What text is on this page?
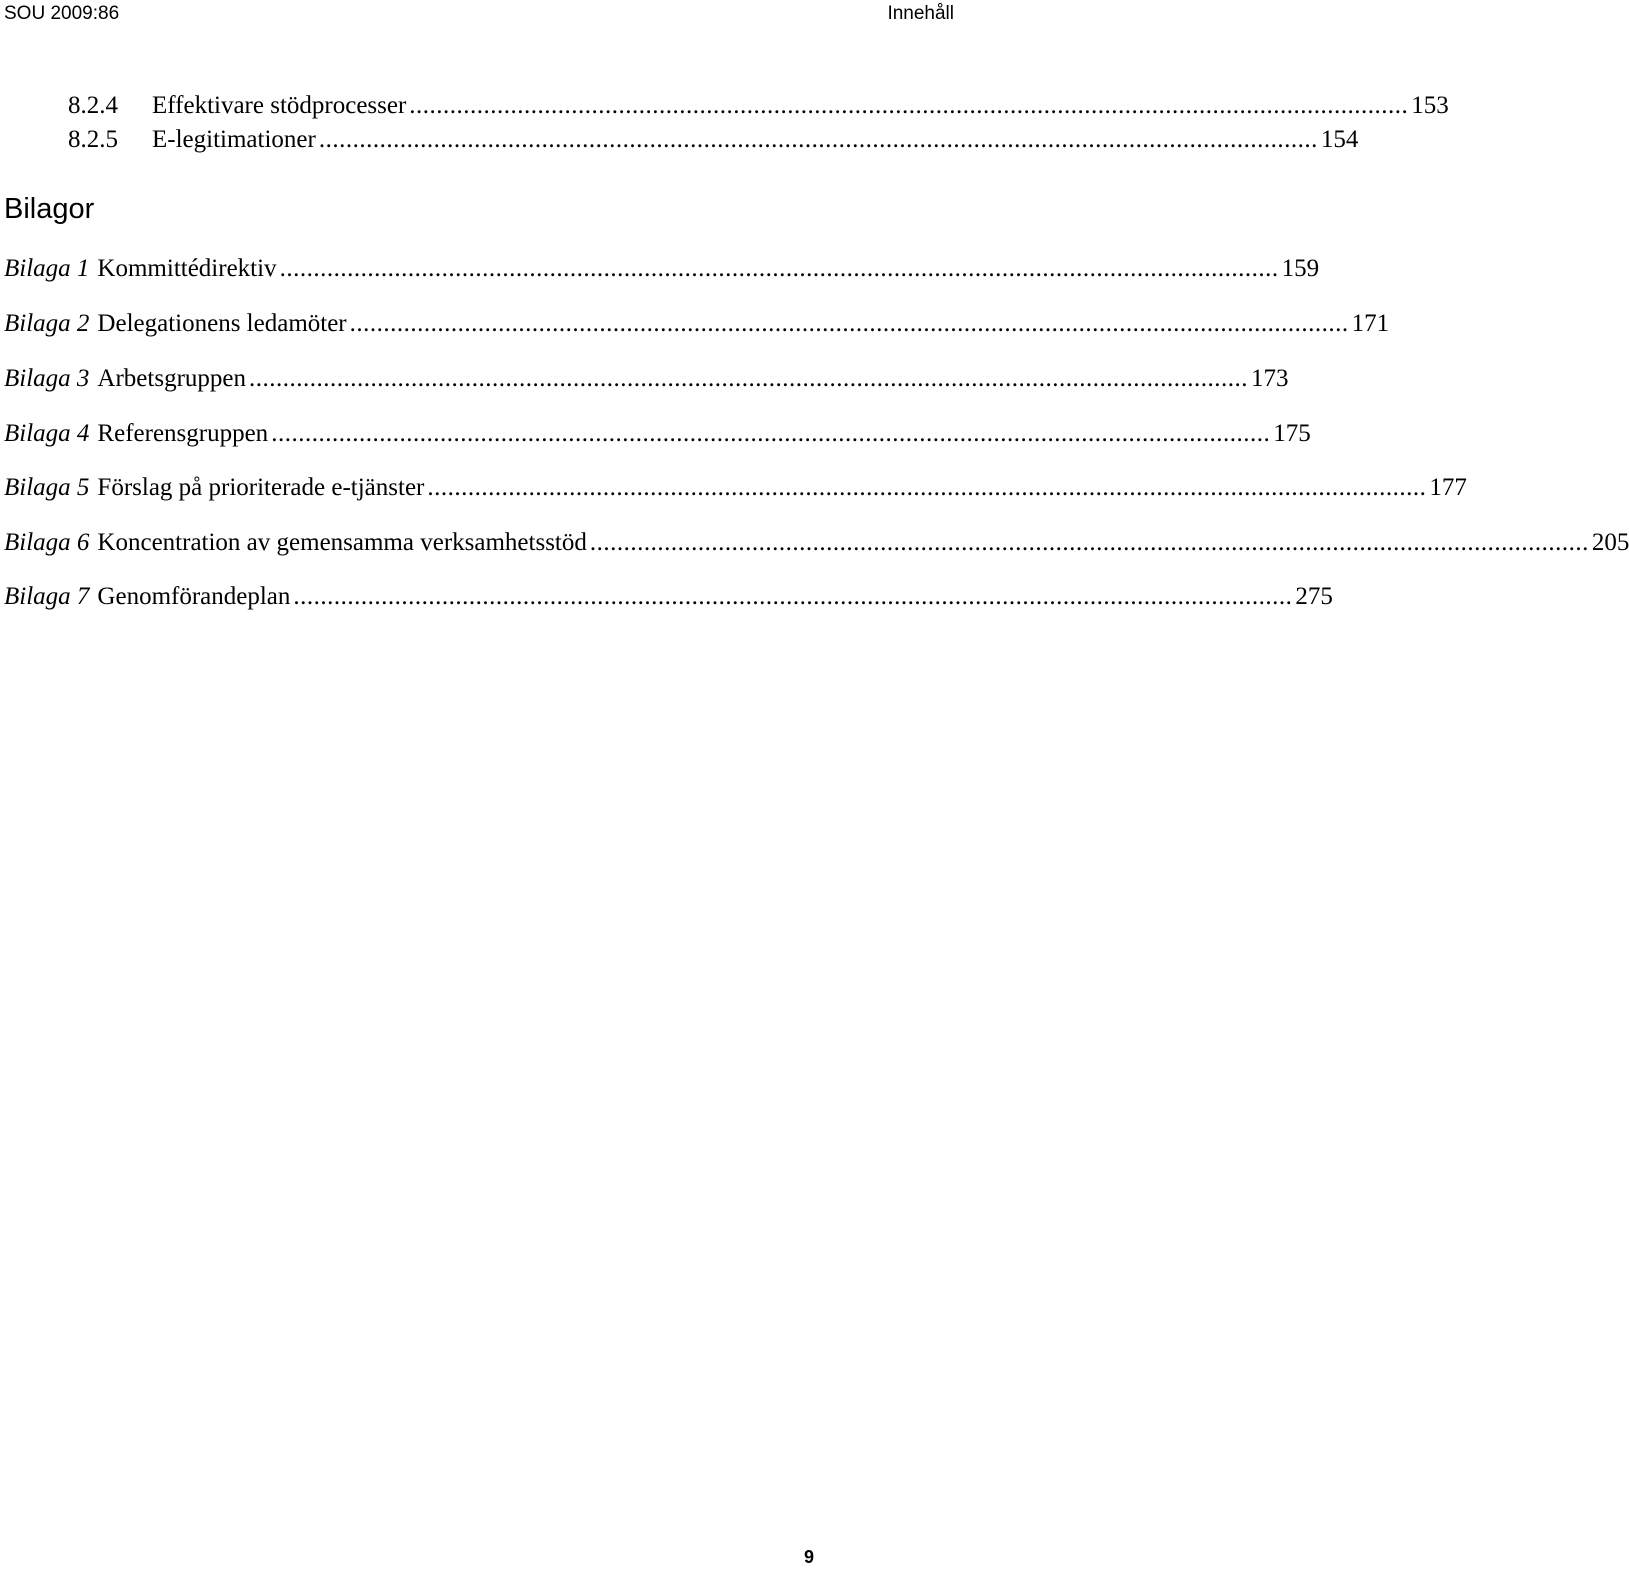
SOU 2009:86	Innehåll
8.2.4	Effektivare stödprocesser .................................................................................................................................................... 153
8.2.5	E-legitimationer .................................................................................................................................................... 154
Bilagor
Bilaga 1 Kommittédirektiv .................................................................................................................................................... 159
Bilaga 2 Delegationens ledamöter .................................................................................................................................................... 171
Bilaga 3 Arbetsgruppen .................................................................................................................................................... 173
Bilaga 4 Referensgruppen .................................................................................................................................................... 175
Bilaga 5 Förslag på prioriterade e-tjänster .................................................................................................................................................... 177
Bilaga 6 Koncentration av gemensamma verksamhetsstöd .................................................................................................................................................... 205
Bilaga 7 Genomförandeplan .................................................................................................................................................... 275
9
